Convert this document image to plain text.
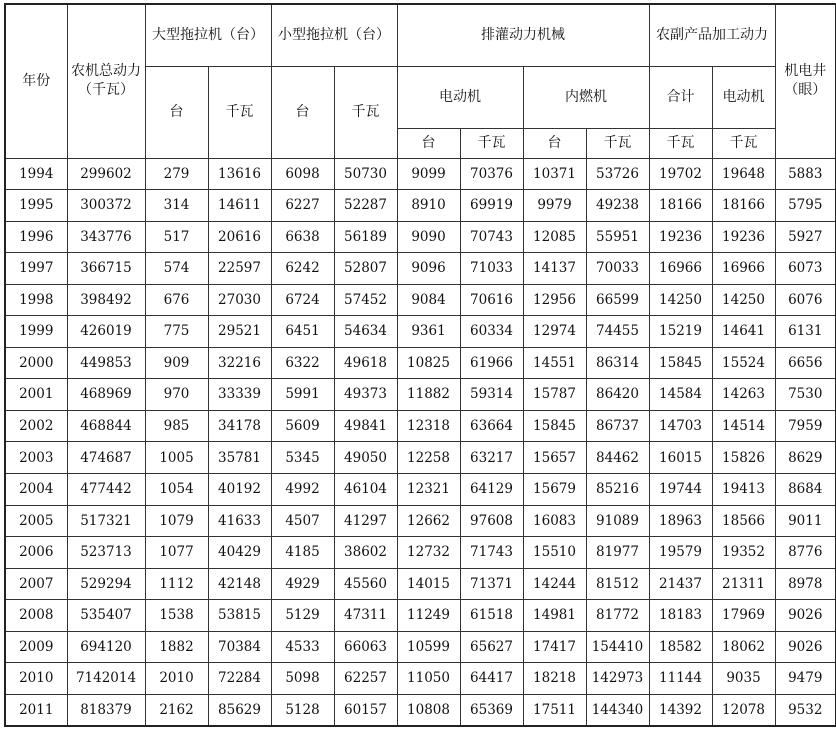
年份	农机总动力（千瓦）	大型拖拉机（台）		小型拖拉机（台）		排灌动力机械				农副产品加工动力		机电井（眼）
		台	千瓦	台	千瓦	电动机		内燃机		合计	电动机	
						台	千瓦	台	千瓦	千瓦	千瓦	
1994	299602	279	13616	6098	50730	9099	70376	10371	53726	19702	19648	5883
1995	300372	314	14611	6227	52287	8910	69919	9979	49238	18166	18166	5795
1996	343776	517	20616	6638	56189	9090	70743	12085	55951	19236	19236	5927
1997	366715	574	22597	6242	52807	9096	71033	14137	70033	16966	16966	6073
1998	398492	676	27030	6724	57452	9084	70616	12956	66599	14250	14250	6076
1999	426019	775	29521	6451	54634	9361	60334	12974	74455	15219	14641	6131
2000	449853	909	32216	6322	49618	10825	61966	14551	86314	15845	15524	6656
2001	468969	970	33339	5991	49373	11882	59314	15787	86420	14584	14263	7530
2002	468844	985	34178	5609	49841	12318	63664	15845	86737	14703	14514	7959
2003	474687	1005	35781	5345	49050	12258	63217	15657	84462	16015	15826	8629
2004	477442	1054	40192	4992	46104	12321	64129	15679	85216	19744	19413	8684
2005	517321	1079	41633	4507	41297	12662	97608	16083	91089	18963	18566	9011
2006	523713	1077	40429	4185	38602	12732	71743	15510	81977	19579	19352	8776
2007	529294	1112	42148	4929	45560	14015	71371	14244	81512	21437	21311	8978
2008	535407	1538	53815	5129	47311	11249	61518	14981	81772	18183	17969	9026
2009	694120	1882	70384	4533	66063	10599	65627	17417	154410	18582	18062	9026
2010	7142014	2010	72284	5098	62257	11050	64417	18218	142973	11144	9035	9479
2011	818379	2162	85629	5128	60157	10808	65369	17511	144340	14392	12078	9532
